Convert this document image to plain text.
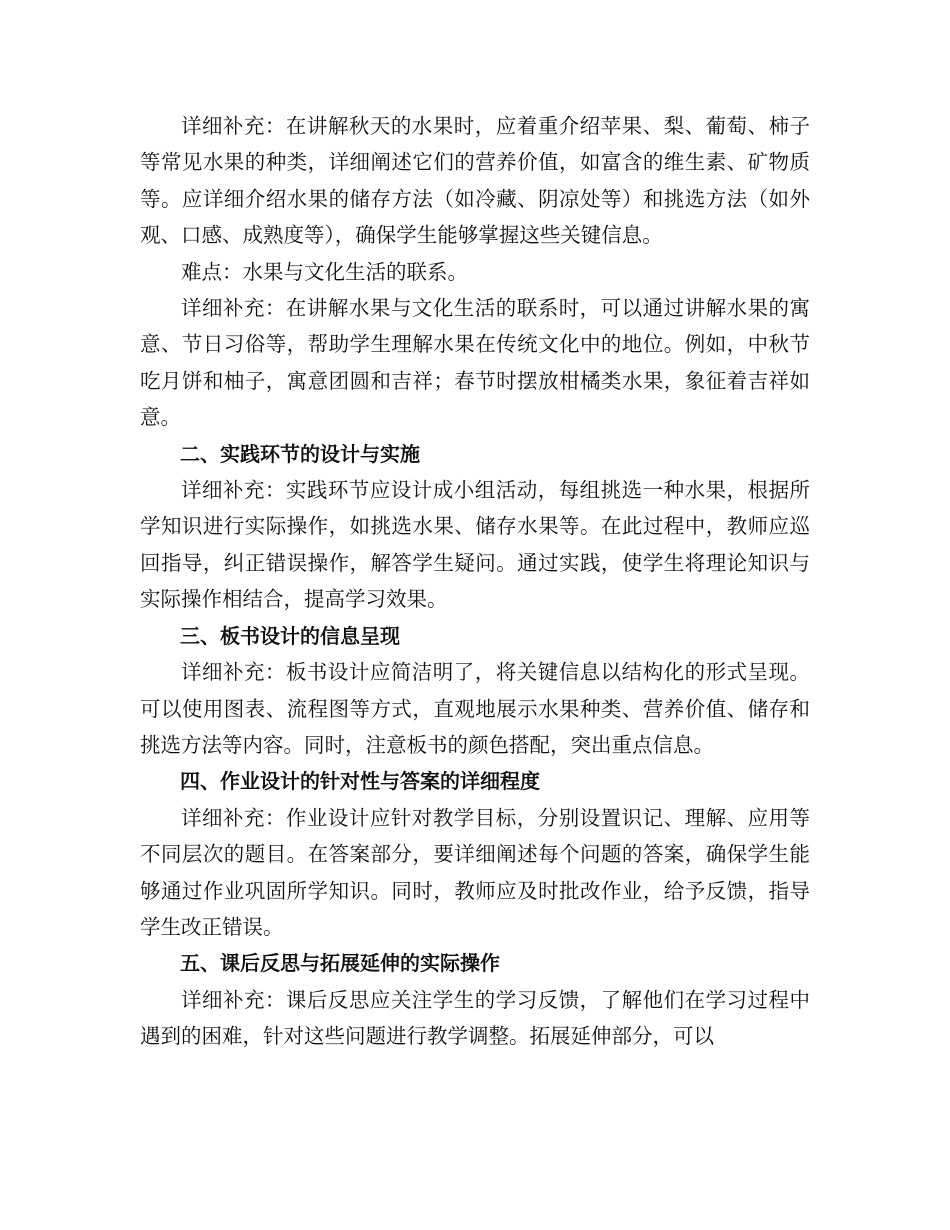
详细补充：在讲解秋天的水果时，应着重介绍苹果、梨、葡萄、柿子等常见水果的种类，详细阐述它们的营养价值，如富含的维生素、矿物质等。应详细介绍水果的储存方法（如冷藏、阴凉处等）和挑选方法（如外观、口感、成熟度等），确保学生能够掌握这些关键信息。

难点：水果与文化生活的联系。

详细补充：在讲解水果与文化生活的联系时，可以通过讲解水果的寓意、节日习俗等，帮助学生理解水果在传统文化中的地位。例如，中秋节吃月饼和柚子，寓意团圆和吉祥；春节时摆放柑橘类水果，象征着吉祥如意。

二、实践环节的设计与实施

详细补充：实践环节应设计成小组活动，每组挑选一种水果，根据所学知识进行实际操作，如挑选水果、储存水果等。在此过程中，教师应巡回指导，纠正错误操作，解答学生疑问。通过实践，使学生将理论知识与实际操作相结合，提高学习效果。

三、板书设计的信息呈现

详细补充：板书设计应简洁明了，将关键信息以结构化的形式呈现。可以使用图表、流程图等方式，直观地展示水果种类、营养价值、储存和挑选方法等内容。同时，注意板书的颜色搭配，突出重点信息。

四、作业设计的针对性与答案的详细程度

详细补充：作业设计应针对教学目标，分别设置识记、理解、应用等不同层次的题目。在答案部分，要详细阐述每个问题的答案，确保学生能够通过作业巩固所学知识。同时，教师应及时批改作业，给予反馈，指导学生改正错误。

五、课后反思与拓展延伸的实际操作

详细补充：课后反思应关注学生的学习反馈，了解他们在学习过程中遇到的困难，针对这些问题进行教学调整。拓展延伸部分，可以
